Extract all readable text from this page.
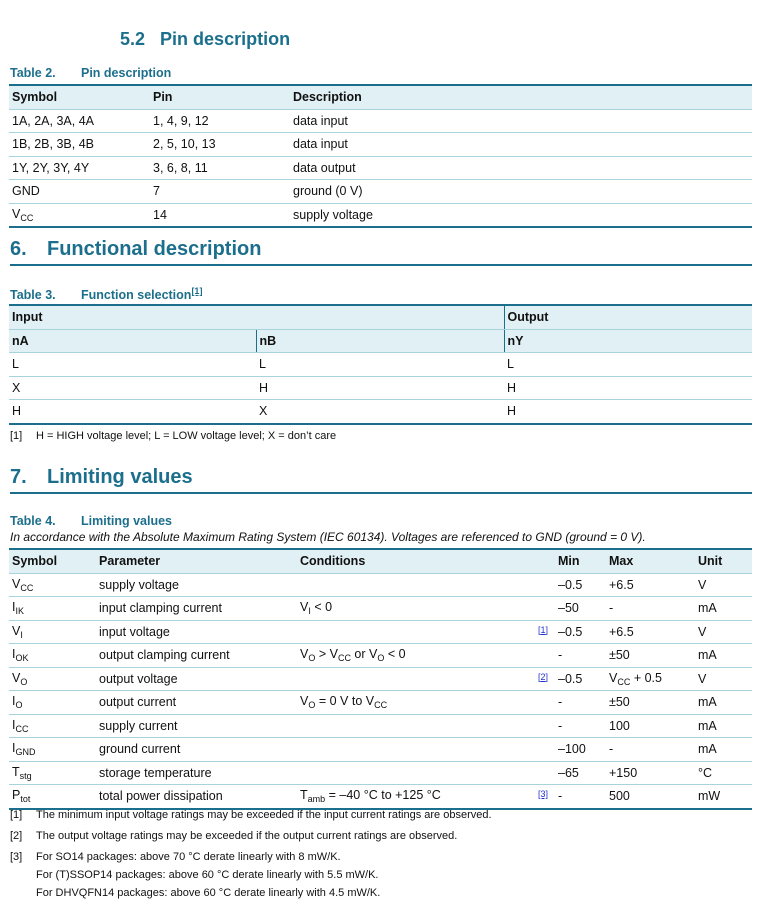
5.2 Pin description
Table 2. Pin description
Symbol	Pin	Description
1A, 2A, 3A, 4A	1, 4, 9, 12	data input
1B, 2B, 3B, 4B	2, 5, 10, 13	data input
1Y, 2Y, 3Y, 4Y	3, 6, 8, 11	data output
GND	7	ground (0 V)
$V_{CC}$	14	supply voltage
6. Functional description
Table 3. Function selection[1]
Input		Output
nA	nB	nY
L	L	L
X	H	H
H	X	H
[1] H = HIGH voltage level; L = LOW voltage level; X = don’t care
7. Limiting values
Table 4. Limiting values
In accordance with the Absolute Maximum Rating System (IEC 60134). Voltages are referenced to GND (ground = 0 V).
Symbol	Parameter	Conditions		Min	Max	Unit
$V_{CC}$	supply voltage			–0.5	+6.5	V
$I_{IK}$	input clamping current	$V_I < 0$		–50	-	mA
$V_I$	input voltage		[1]	–0.5	+6.5	V
$I_{OK}$	output clamping current	$V_O > V_{CC}$ or $V_O < 0$		-	±50	mA
$V_O$	output voltage		[2]	–0.5	$V_{CC} + 0.5$	V
$I_O$	output current	$V_O = 0$ V to $V_{CC}$		-	±50	mA
$I_{CC}$	supply current			-	100	mA
$I_{GND}$	ground current			–100	-	mA
$T_{stg}$	storage temperature			–65	+150	°C
$P_{tot}$	total power dissipation	$T_{amb} = -40$ °C to +125 °C	[3]	-	500	mW
[1] The minimum input voltage ratings may be exceeded if the input current ratings are observed.
[2] The output voltage ratings may be exceeded if the output current ratings are observed.
[3] For SO14 packages: above 70 °C derate linearly with 8 mW/K.
For (T)SSOP14 packages: above 60 °C derate linearly with 5.5 mW/K.
For DHVQFN14 packages: above 60 °C derate linearly with 4.5 mW/K.
